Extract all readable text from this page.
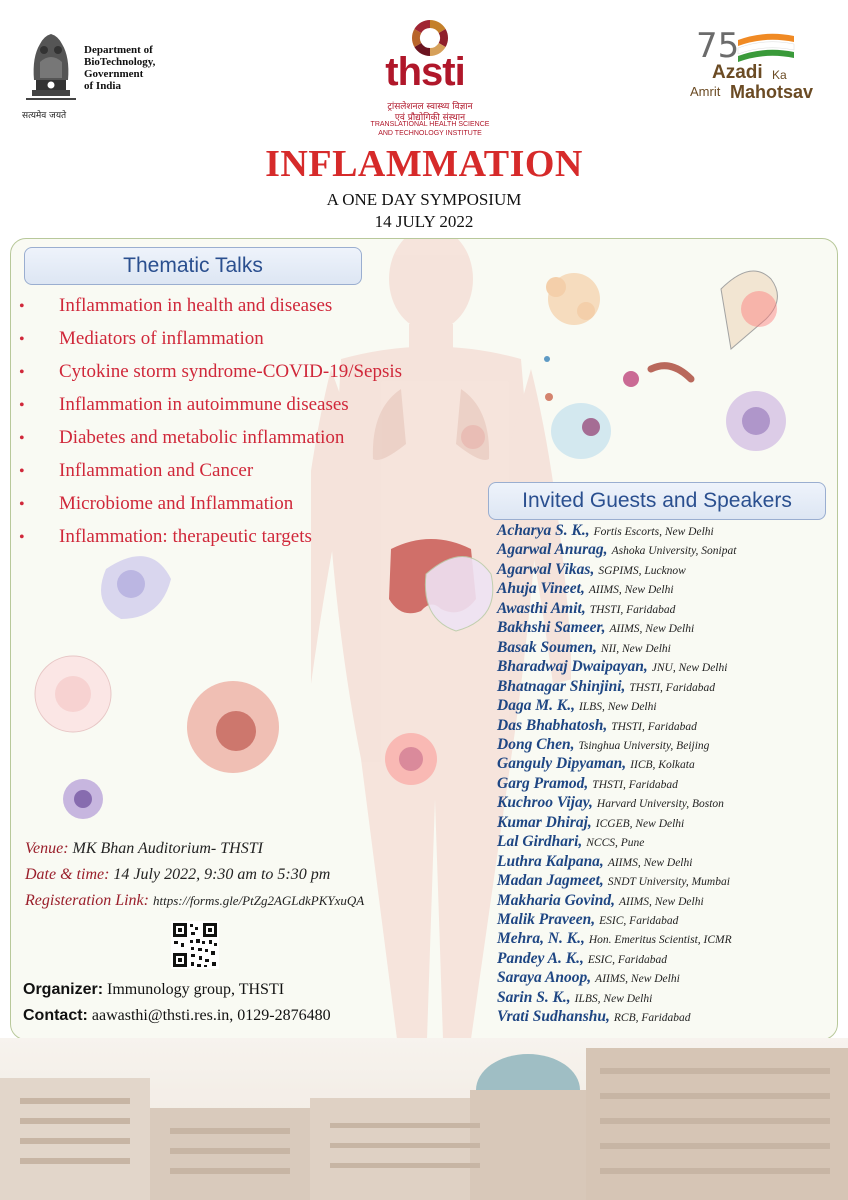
Department of
BioTechnology,
Government
of India
सत्यमेव जयते
thsti
ट्रांसलेशनल स्वास्थ्य विज्ञान
एवं प्रौद्योगिकी संस्थान
TRANSLATIONAL HEALTH SCIENCE
AND TECHNOLOGY INSTITUTE
75
Azadi Ka
Amrit Mahotsav
INFLAMMATION
A ONE DAY SYMPOSIUM
14 JULY 2022
Thematic Talks
• Inflammation in health and diseases
• Mediators of inflammation
• Cytokine storm syndrome-COVID-19/Sepsis
• Inflammation in autoimmune diseases
• Diabetes and metabolic inflammation
• Inflammation and Cancer
• Microbiome and Inflammation
• Inflammation: therapeutic targets
Invited Guests and Speakers
Acharya S. K., Fortis Escorts, New Delhi
Agarwal Anurag, Ashoka University, Sonipat
Agarwal Vikas, SGPIMS, Lucknow
Ahuja Vineet, AIIMS, New Delhi
Awasthi Amit, THSTI, Faridabad
Bakhshi Sameer, AIIMS, New Delhi
Basak Soumen, NII, New Delhi
Bharadwaj Dwaipayan, JNU, New Delhi
Bhatnagar Shinjini, THSTI, Faridabad
Daga M. K., ILBS, New Delhi
Das Bhabhatosh, THSTI, Faridabad
Dong Chen, Tsinghua University, Beijing
Ganguly Dipyaman, IICB, Kolkata
Garg Pramod, THSTI, Faridabad
Kuchroo Vijay, Harvard University, Boston
Kumar Dhiraj, ICGEB, New Delhi
Lal Girdhari, NCCS, Pune
Luthra Kalpana, AIIMS, New Delhi
Madan Jagmeet, SNDT University, Mumbai
Makharia Govind, AIIMS, New Delhi
Malik Praveen, ESIC, Faridabad
Mehra, N. K., Hon. Emeritus Scientist, ICMR
Pandey A. K., ESIC, Faridabad
Saraya Anoop, AIIMS, New Delhi
Sarin S. K., ILBS, New Delhi
Vrati Sudhanshu, RCB, Faridabad
Venue: MK Bhan Auditorium- THSTI
Date & time: 14 July 2022, 9:30 am to 5:30 pm
Registeration Link: https://forms.gle/PtZg2AGLdkPKYxuQA
Organizer: Immunology group, THSTI
Contact: aawasthi@thsti.res.in, 0129-2876480
